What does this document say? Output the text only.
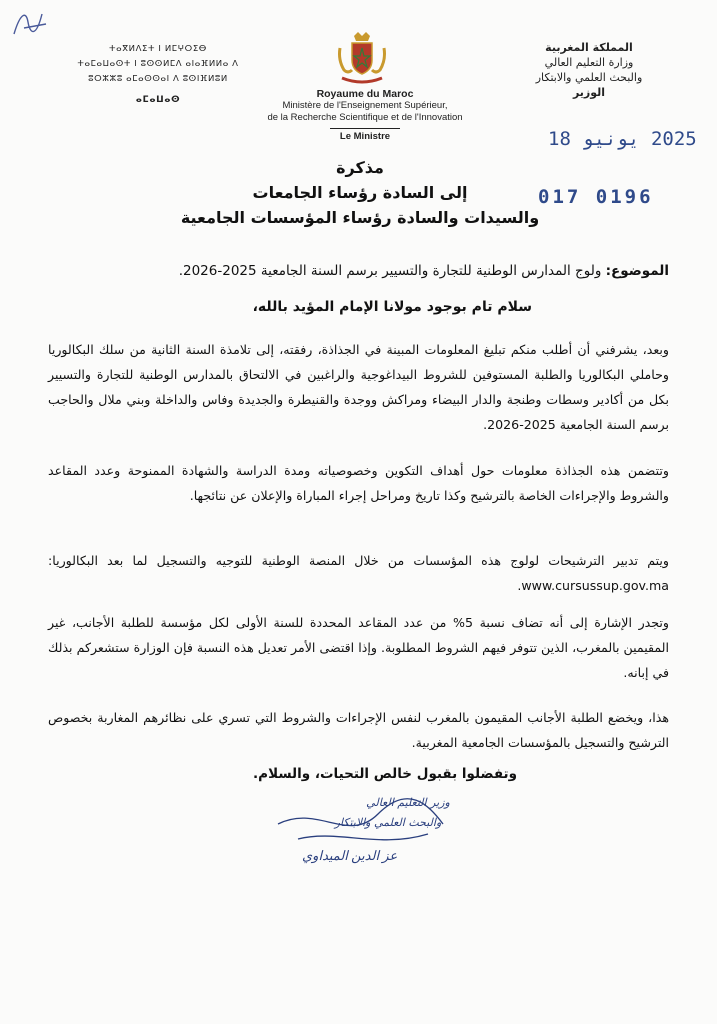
ⵜⴰⴳⵍⴷⵉⵜ ⵏ ⵍⵎⵖⵔⵉⴱ
ⵜⴰⵎⴰⵡⴰⵙⵜ ⵏ ⵓⵙⵙⵍⵎⴷ ⴰⵏⴰⴼⵍⵍⴰ ⴷ
ⵓⵔⵣⵣⵓ ⴰⵎⴰⵙⵙⴰⵏ ⴷ ⵓⵙⵏⴼⵍⵓⵍ
ⴰⵎⴰⵡⴰⵙ	Royaume du Maroc
Ministère de l'Enseignement Supérieur,
de la Recherche Scientifique et de l'Innovation
Le Ministre
المملكة المغربية
وزارة التعليم العالي
والبحث العلمي والابتكار
الوزير
2025 يونيو 18
017 0196
مذكرة
إلى السادة رؤساء الجامعات
والسيدات والسادة رؤساء المؤسسات الجامعية
الموضوع: ولوج المدارس الوطنية للتجارة والتسيير برسم السنة الجامعية 2025-2026.
سلام تام بوجود مولانا الإمام المؤيد بالله،
وبعد، يشرفني أن أطلب منكم تبليغ المعلومات المبينة في الجذاذة، رفقته، إلى تلامذة السنة الثانية من سلك البكالوريا وحاملي البكالوريا والطلبة المستوفين للشروط البيداغوجية والراغبين في الالتحاق بالمدارس الوطنية للتجارة والتسيير بكل من أكادير وسطات وطنجة والدار البيضاء ومراكش ووجدة والقنيطرة والجديدة وفاس والداخلة وبني ملال والحاجب برسم السنة الجامعية 2025-2026.
وتتضمن هذه الجذاذة معلومات حول أهداف التكوين وخصوصياته ومدة الدراسة والشهادة الممنوحة وعدد المقاعد والشروط والإجراءات الخاصة بالترشيح وكذا تاريخ ومراحل إجراء المباراة والإعلان عن نتائجها.
ويتم تدبير الترشيحات لولوج هذه المؤسسات من خلال المنصة الوطنية للتوجيه والتسجيل لما بعد البكالوريا: www.cursussup.gov.ma.
وتجدر الإشارة إلى أنه تضاف نسبة 5% من عدد المقاعد المحددة للسنة الأولى لكل مؤسسة للطلبة الأجانب، غير المقيمين بالمغرب، الذين تتوفر فيهم الشروط المطلوبة. وإذا اقتضى الأمر تعديل هذه النسبة فإن الوزارة ستشعركم بذلك في إبانه.
هذا، ويخضع الطلبة الأجانب المقيمون بالمغرب لنفس الإجراءات والشروط التي تسري على نظائرهم المغاربة بخصوص الترشيح والتسجيل بالمؤسسات الجامعية المغربية.
وتفضلوا بقبول خالص التحيات، والسلام.
وزير التعليم العالي
والبحث العلمي والابتكار
عز الدين الميداوي
